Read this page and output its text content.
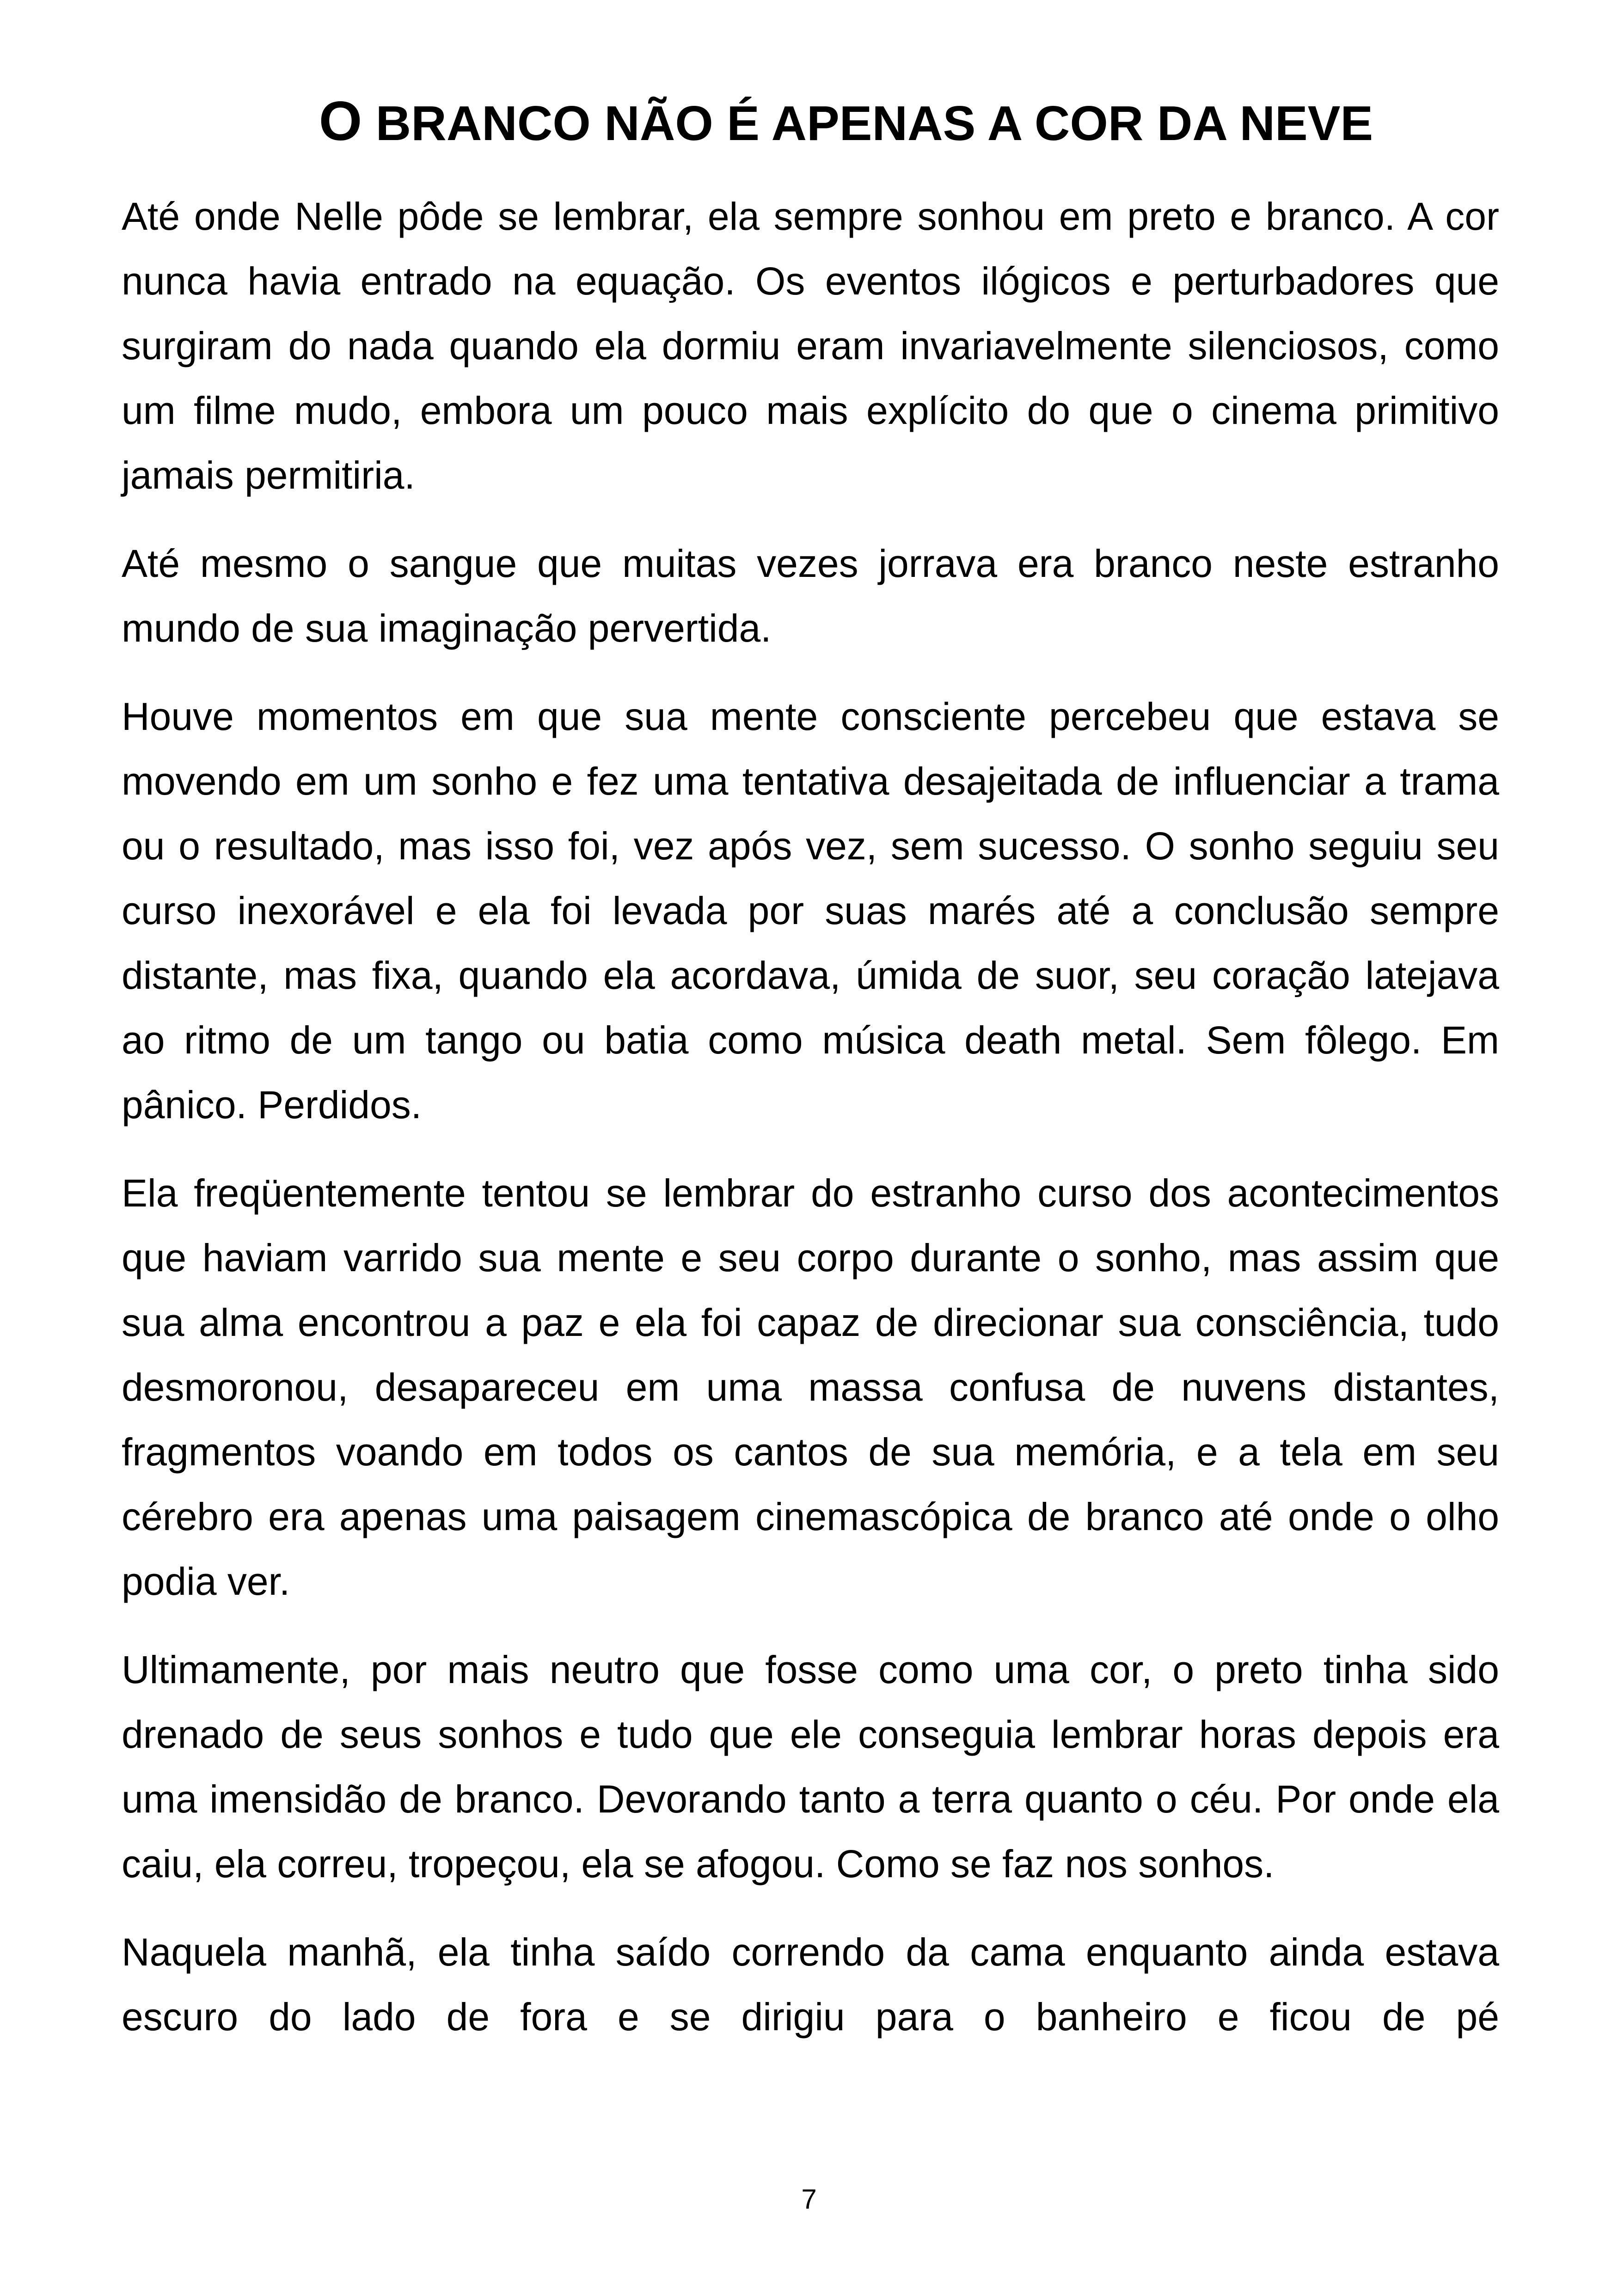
O BRANCO NÃO É APENAS A COR DA NEVE

Até onde Nelle pôde se lembrar, ela sempre sonhou em preto e branco. A cor nunca havia entrado na equação. Os eventos ilógicos e perturbadores que surgiram do nada quando ela dormiu eram invariavelmente silenciosos, como um filme mudo, embora um pouco mais explícito do que o cinema primitivo jamais permitiria.

Até mesmo o sangue que muitas vezes jorrava era branco neste estranho mundo de sua imaginação pervertida.

Houve momentos em que sua mente consciente percebeu que estava se movendo em um sonho e fez uma tentativa desajeitada de influenciar a trama ou o resultado, mas isso foi, vez após vez, sem sucesso. O sonho seguiu seu curso inexorável e ela foi levada por suas marés até a conclusão sempre distante, mas fixa, quando ela acordava, úmida de suor, seu coração latejava ao ritmo de um tango ou batia como música death metal. Sem fôlego. Em pânico. Perdidos.

Ela freqüentemente tentou se lembrar do estranho curso dos acontecimentos que haviam varrido sua mente e seu corpo durante o sonho, mas assim que sua alma encontrou a paz e ela foi capaz de direcionar sua consciência, tudo desmoronou, desapareceu em uma massa confusa de nuvens distantes, fragmentos voando em todos os cantos de sua memória, e a tela em seu cérebro era apenas uma paisagem cinemascópica de branco até onde o olho podia ver.

Ultimamente, por mais neutro que fosse como uma cor, o preto tinha sido drenado de seus sonhos e tudo que ele conseguia lembrar horas depois era uma imensidão de branco. Devorando tanto a terra quanto o céu. Por onde ela caiu, ela correu, tropeçou, ela se afogou. Como se faz nos sonhos.

Naquela manhã, ela tinha saído correndo da cama enquanto ainda estava escuro do lado de fora e se dirigiu para o banheiro e ficou de pé

7
